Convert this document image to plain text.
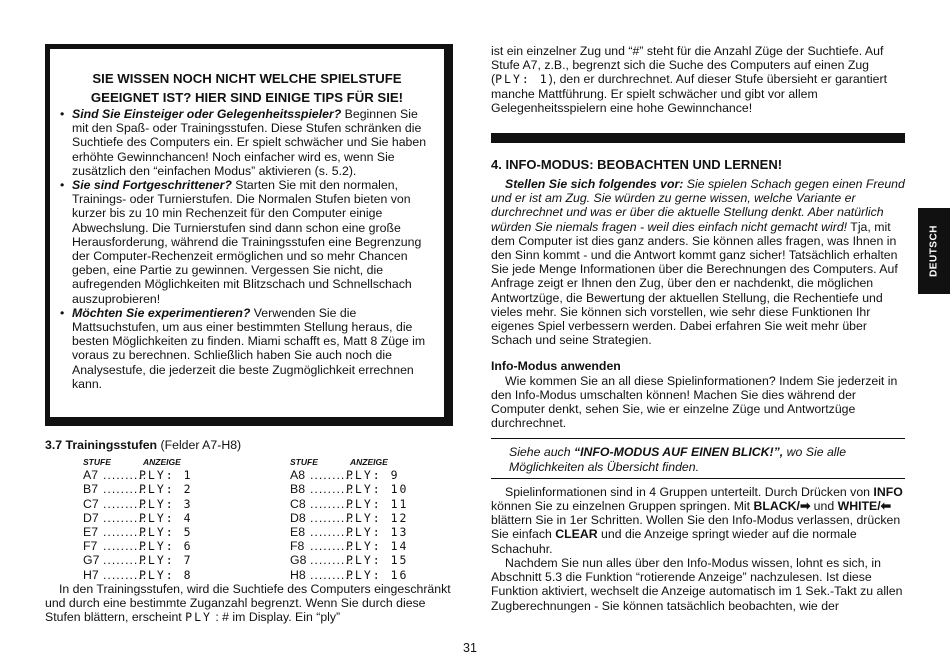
SIE WISSEN NOCH NICHT WELCHE SPIELSTUFE
GEEIGNET IST? HIER SIND EINIGE TIPS FÜR SIE!
• Sind Sie Einsteiger oder Gelegenheitsspieler? Beginnen Sie mit den Spaß- oder Trainingsstufen. Diese Stufen schränken die Suchtiefe des Computers ein. Er spielt schwächer und Sie haben erhöhte Gewinnchancen! Noch einfacher wird es, wenn Sie zusätzlich den “einfachen Modus” aktivieren (s. 5.2).
• Sie sind Fortgeschrittener? Starten Sie mit den normalen, Trainings- oder Turnierstufen. Die Normalen Stufen bieten von kurzer bis zu 10 min Rechenzeit für den Computer einige Abwechslung. Die Turnierstufen sind dann schon eine große Herausforderung, während die Trainingsstufen eine Begrenzung der Computer-Rechenzeit ermöglichen und so mehr Chancen geben, eine Partie zu gewinnen. Vergessen Sie nicht, die aufregenden Möglichkeiten mit Blitzschach und Schnellschach auszuprobieren!
• Möchten Sie experimentieren? Verwenden Sie die Mattsuchstufen, um aus einer bestimmten Stellung heraus, die besten Möglichkeiten zu finden. Miami schafft es, Matt 8 Züge im voraus zu berechnen. Schließlich haben Sie auch noch die Analysestufe, die jederzeit die beste Zugmöglichkeit errechnen kann.
3.7 Trainingsstufen (Felder A7-H8)
STUFE	ANZEIGE
A7 ..........PLY: 1
B7 ..........PLY: 2
C7 ..........PLY: 3
D7 ..........PLY: 4
E7 ..........PLY: 5
F7 ..........PLY: 6
G7 ..........PLY: 7
H7 ..........PLY: 8
STUFE	ANZEIGE
A8 ..........PLY: 9
B8 ..........PLY: 10
C8 ..........PLY: 11
D8 ..........PLY: 12
E8 ..........PLY: 13
F8 ..........PLY: 14
G8 ..........PLY: 15
H8 ..........PLY: 16

In den Trainingsstufen, wird die Suchtiefe des Computers eingeschränkt und durch eine bestimmte Zuganzahl begrenzt. Wenn Sie durch diese Stufen blättern, erscheint PLY : # im Display. Ein “ply”

ist ein einzelner Zug und “#” steht für die Anzahl Züge der Suchtiefe. Auf Stufe A7, z.B., begrenzt sich die Suche des Computers auf einen Zug (PLY: 1), den er durchrechnet. Auf dieser Stufe übersieht er garantiert manche Mattführung. Er spielt schwächer und gibt vor allem Gelegenheitsspielern eine hohe Gewinnchance!

4. INFO-MODUS: BEOBACHTEN UND LERNEN!

Stellen Sie sich folgendes vor: Sie spielen Schach gegen einen Freund und er ist am Zug. Sie würden zu gerne wissen, welche Variante er durchrechnet und was er über die aktuelle Stellung denkt. Aber natürlich würden Sie niemals fragen - weil dies einfach nicht gemacht wird! Tja, mit dem Computer ist dies ganz anders. Sie können alles fragen, was Ihnen in den Sinn kommt - und die Antwort kommt ganz sicher! Tatsächlich erhalten Sie jede Menge Informationen über die Berechnungen des Computers. Auf Anfrage zeigt er Ihnen den Zug, über den er nachdenkt, die möglichen Antwortzüge, die Bewertung der aktuellen Stellung, die Rechentiefe und vieles mehr. Sie können sich vorstellen, wie sehr diese Funktionen Ihr eigenes Spiel verbessern werden. Dabei erfahren Sie weit mehr über Schach und seine Strategien.

Info-Modus anwenden

Wie kommen Sie an all diese Spielinformationen? Indem Sie jederzeit in den Info-Modus umschalten können! Machen Sie dies während der Computer denkt, sehen Sie, wie er einzelne Züge und Antwortzüge durchrechnet.

Siehe auch “INFO-MODUS AUF EINEN BLICK!”, wo Sie alle Möglichkeiten als Übersicht finden.

Spielinformationen sind in 4 Gruppen unterteilt. Durch Drücken von INFO können Sie zu einzelnen Gruppen springen. Mit BLACK/➡ und WHITE/⬅ blättern Sie in 1er Schritten. Wollen Sie den Info-Modus verlassen, drücken Sie einfach CLEAR und die Anzeige springt wieder auf die normale Schachuhr.

Nachdem Sie nun alles über den Info-Modus wissen, lohnt es sich, in Abschnitt 5.3 die Funktion “rotierende Anzeige” nachzulesen. Ist diese Funktion aktiviert, wechselt die Anzeige automatisch im 1 Sek.-Takt zu allen Zugberechnungen - Sie können tatsächlich beobachten, wie der

DEUTSCH
31
